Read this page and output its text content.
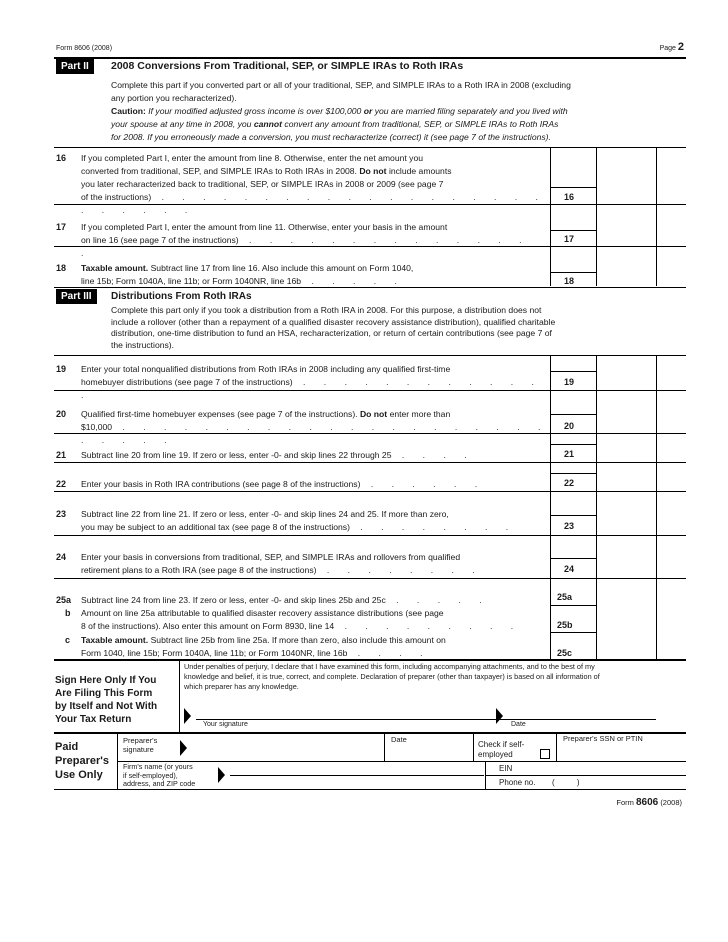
Form 8606 (2008)	Page 2
Part II	2008 Conversions From Traditional, SEP, or SIMPLE IRAs to Roth IRAs
Complete this part if you converted part or all of your traditional, SEP, and SIMPLE IRAs to a Roth IRA in 2008 (excluding
any portion you recharacterized).
Caution: If your modified adjusted gross income is over $100,000 or you are married filing separately and you lived with
your spouse at any time in 2008, you cannot convert any amount from traditional, SEP, or SIMPLE IRAs to Roth IRAs
for 2008. If you erroneously made a conversion, you must recharacterize (correct) it (see page 7 of the instructions).
16 If you completed Part I, enter the amount from line 8. Otherwise, enter the net amount you
converted from traditional, SEP, and SIMPLE IRAs to Roth IRAs in 2008. Do not include amounts
you later recharacterized back to traditional, SEP, or SIMPLE IRAs in 2008 or 2009 (see page 7
of the instructions) . . . . . . . . . . . . . . . . . . . . . . . . .
16
17 If you completed Part I, enter the amount from line 11. Otherwise, enter your basis in the amount
on line 16 (see page 7 of the instructions) . . . . . . . . . . . . . . .
17
18 Taxable amount. Subtract line 17 from line 16. Also include this amount on Form 1040,
line 15b; Form 1040A, line 11b; or Form 1040NR, line 16b . . . . .	18
Part III	Distributions From Roth IRAs
Complete this part only if you took a distribution from a Roth IRA in 2008. For this purpose, a distribution does not
include a rollover (other than a repayment of a qualified disaster recovery assistance distribution), qualified charitable
distribution, one-time distribution to fund an HSA, recharacterization, or return of certain contributions (see page 7 of
the instructions).
19 Enter your total nonqualified distributions from Roth IRAs in 2008 including any qualified first-time
homebuyer distributions (see page 7 of the instructions) . . . . . . . . . . . . .
19
20 Qualified first-time homebuyer expenses (see page 7 of the instructions). Do not enter more than
$10,000 . . . . . . . . . . . . . . . . . . . . . . . . . .
20
21 Subtract line 20 from line 19. If zero or less, enter -0- and skip lines 22 through 25 . . . .	21
22 Enter your basis in Roth IRA contributions (see page 8 of the instructions) . . . . . .	22
23 Subtract line 22 from line 21. If zero or less, enter -0- and skip lines 24 and 25. If more than zero,
you may be subject to an additional tax (see page 8 of the instructions) . . . . . . . .	23
24 Enter your basis in conversions from traditional, SEP, and SIMPLE IRAs and rollovers from qualified
retirement plans to a Roth IRA (see page 8 of the instructions) . . . . . . . .	24
25a Subtract line 24 from line 23. If zero or less, enter -0- and skip lines 25b and 25c . . . . .	25a
b Amount on line 25a attributable to qualified disaster recovery assistance distributions (see page
8 of the instructions). Also enter this amount on Form 8930, line 14 . . . . . . . . .	25b
c Taxable amount. Subtract line 25b from line 25a. If more than zero, also include this amount on
Form 1040, line 15b; Form 1040A, line 11b; or Form 1040NR, line 16b . . . .	25c
Sign Here Only If You
Are Filing This Form
by Itself and Not With
Your Tax Return
Under penalties of perjury, I declare that I have examined this form, including accompanying attachments, and to the best of my
knowledge and belief, it is true, correct, and complete. Declaration of preparer (other than taxpayer) is based on all information of
which preparer has any knowledge.
Your signature	Date
Paid
Preparer's
Use Only
Preparer's
signature
Date
Check if self-
employed
Preparer's SSN or PTIN
Firm's name (or yours
if self-employed),
address, and ZIP code
EIN
Phone no. (          )
Form 8606 (2008)
